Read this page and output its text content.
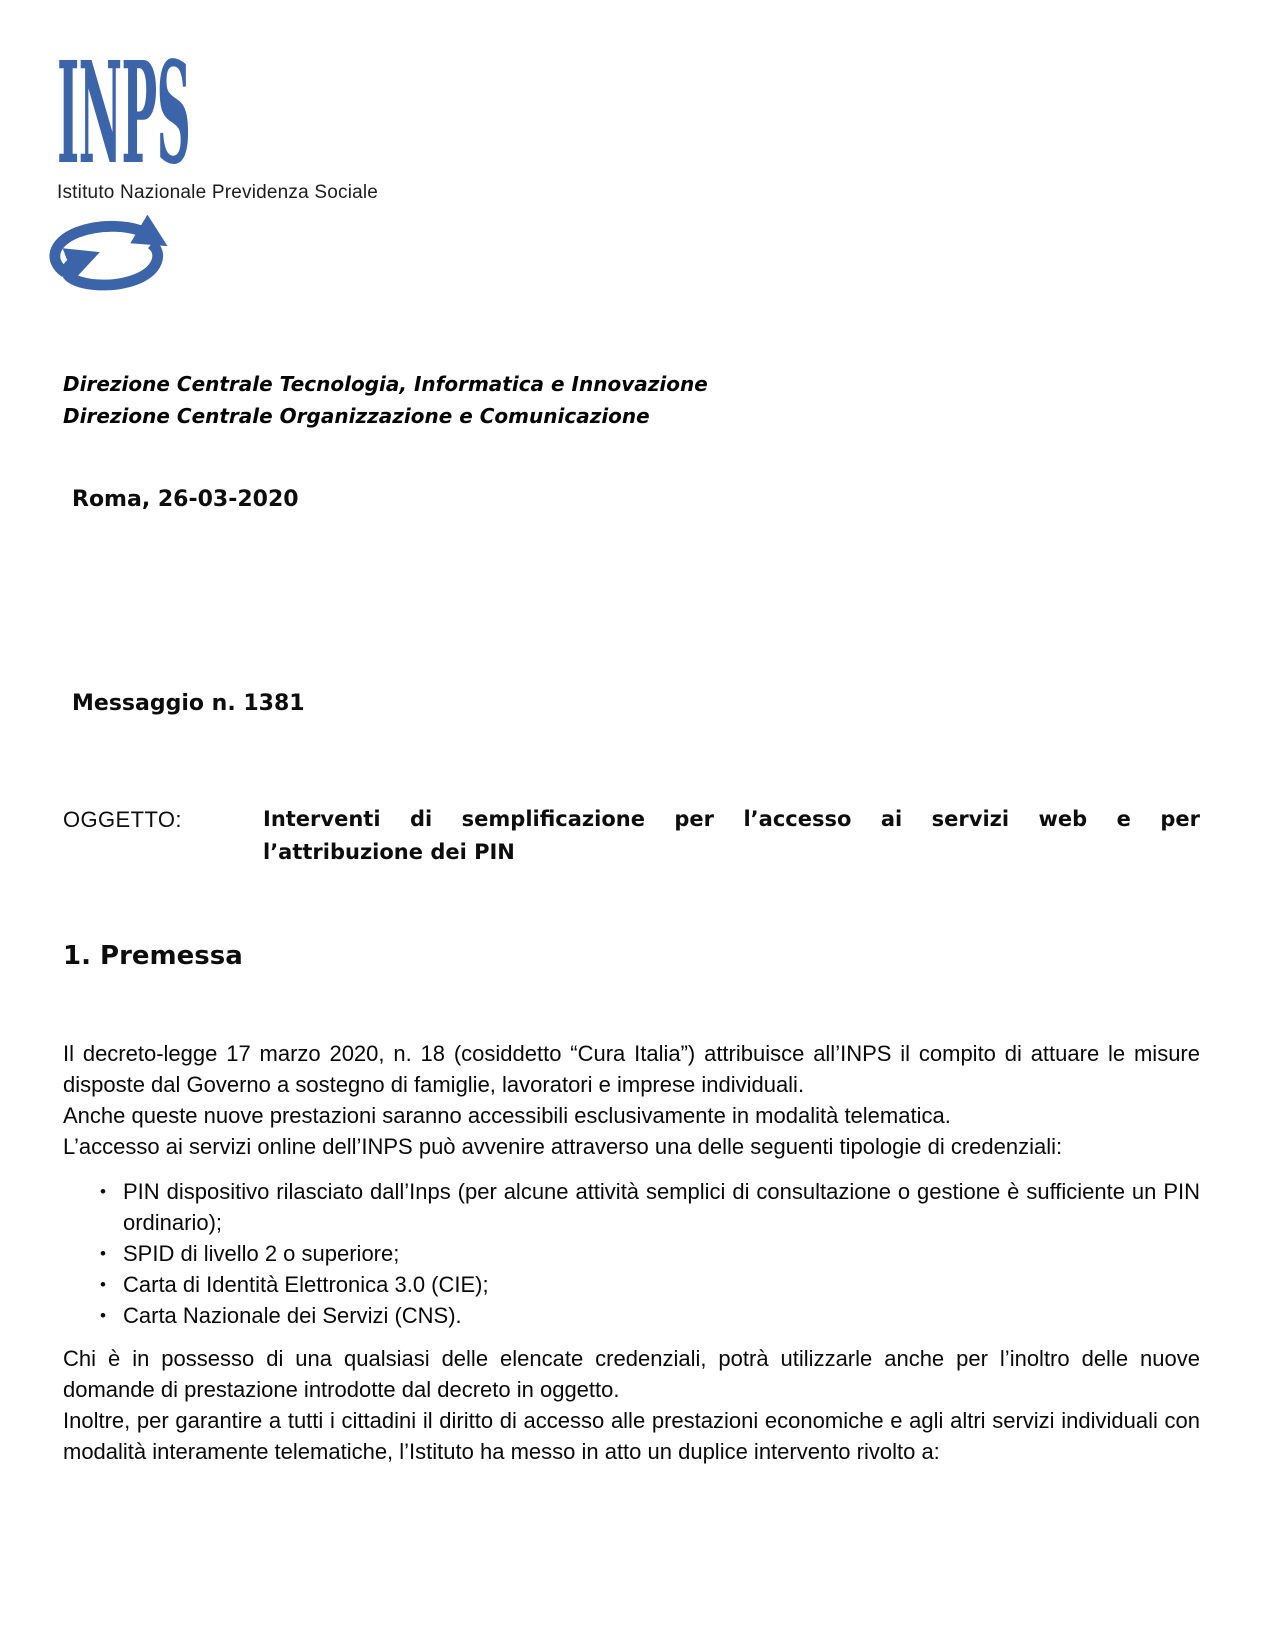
INPS
Istituto Nazionale Previdenza Sociale
Direzione Centrale Tecnologia, Informatica e Innovazione
Direzione Centrale Organizzazione e Comunicazione
Roma, 26-03-2020
Messaggio n. 1381
OGGETTO:	Interventi di semplificazione per l’accesso ai servizi web e per
l’attribuzione dei PIN
1. Premessa

Il decreto-legge 17 marzo 2020, n. 18 (cosiddetto “Cura Italia”) attribuisce all’INPS il compito di attuare le misure disposte dal Governo a sostegno di famiglie, lavoratori e imprese individuali.

Anche queste nuove prestazioni saranno accessibili esclusivamente in modalità telematica.

L’accesso ai servizi online dell’INPS può avvenire attraverso una delle seguenti tipologie di credenziali:

• PIN dispositivo rilasciato dall’Inps (per alcune attività semplici di consultazione o gestione è sufficiente un PIN ordinario);
• SPID di livello 2 o superiore;
• Carta di Identità Elettronica 3.0 (CIE);
• Carta Nazionale dei Servizi (CNS).

Chi è in possesso di una qualsiasi delle elencate credenziali, potrà utilizzarle anche per l’inoltro delle nuove domande di prestazione introdotte dal decreto in oggetto.

Inoltre, per garantire a tutti i cittadini il diritto di accesso alle prestazioni economiche e agli altri servizi individuali con modalità interamente telematiche, l’Istituto ha messo in atto un duplice intervento rivolto a:
